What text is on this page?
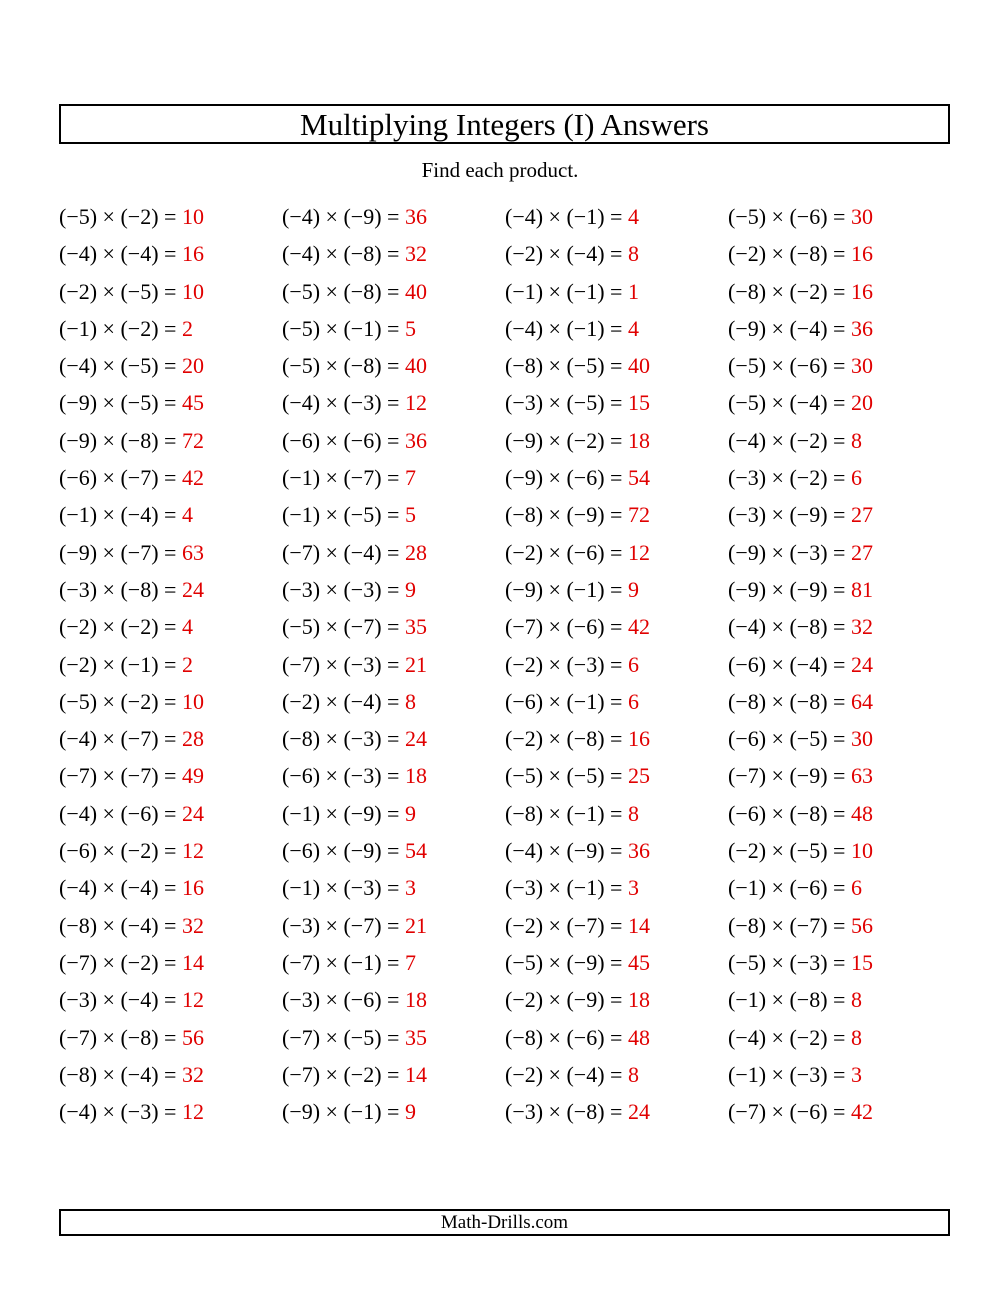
Multiplying Integers (I) Answers
Find each product.
(−5) × (−2) = 10	(−4) × (−9) = 36	(−4) × (−1) = 4	(−5) × (−6) = 30
(−4) × (−4) = 16	(−4) × (−8) = 32	(−2) × (−4) = 8	(−2) × (−8) = 16
(−2) × (−5) = 10	(−5) × (−8) = 40	(−1) × (−1) = 1	(−8) × (−2) = 16
(−1) × (−2) = 2	(−5) × (−1) = 5	(−4) × (−1) = 4	(−9) × (−4) = 36
(−4) × (−5) = 20	(−5) × (−8) = 40	(−8) × (−5) = 40	(−5) × (−6) = 30
(−9) × (−5) = 45	(−4) × (−3) = 12	(−3) × (−5) = 15	(−5) × (−4) = 20
(−9) × (−8) = 72	(−6) × (−6) = 36	(−9) × (−2) = 18	(−4) × (−2) = 8
(−6) × (−7) = 42	(−1) × (−7) = 7	(−9) × (−6) = 54	(−3) × (−2) = 6
(−1) × (−4) = 4	(−1) × (−5) = 5	(−8) × (−9) = 72	(−3) × (−9) = 27
(−9) × (−7) = 63	(−7) × (−4) = 28	(−2) × (−6) = 12	(−9) × (−3) = 27
(−3) × (−8) = 24	(−3) × (−3) = 9	(−9) × (−1) = 9	(−9) × (−9) = 81
(−2) × (−2) = 4	(−5) × (−7) = 35	(−7) × (−6) = 42	(−4) × (−8) = 32
(−2) × (−1) = 2	(−7) × (−3) = 21	(−2) × (−3) = 6	(−6) × (−4) = 24
(−5) × (−2) = 10	(−2) × (−4) = 8	(−6) × (−1) = 6	(−8) × (−8) = 64
(−4) × (−7) = 28	(−8) × (−3) = 24	(−2) × (−8) = 16	(−6) × (−5) = 30
(−7) × (−7) = 49	(−6) × (−3) = 18	(−5) × (−5) = 25	(−7) × (−9) = 63
(−4) × (−6) = 24	(−1) × (−9) = 9	(−8) × (−1) = 8	(−6) × (−8) = 48
(−6) × (−2) = 12	(−6) × (−9) = 54	(−4) × (−9) = 36	(−2) × (−5) = 10
(−4) × (−4) = 16	(−1) × (−3) = 3	(−3) × (−1) = 3	(−1) × (−6) = 6
(−8) × (−4) = 32	(−3) × (−7) = 21	(−2) × (−7) = 14	(−8) × (−7) = 56
(−7) × (−2) = 14	(−7) × (−1) = 7	(−5) × (−9) = 45	(−5) × (−3) = 15
(−3) × (−4) = 12	(−3) × (−6) = 18	(−2) × (−9) = 18	(−1) × (−8) = 8
(−7) × (−8) = 56	(−7) × (−5) = 35	(−8) × (−6) = 48	(−4) × (−2) = 8
(−8) × (−4) = 32	(−7) × (−2) = 14	(−2) × (−4) = 8	(−1) × (−3) = 3
(−4) × (−3) = 12	(−9) × (−1) = 9	(−3) × (−8) = 24	(−7) × (−6) = 42
Math-Drills.com
